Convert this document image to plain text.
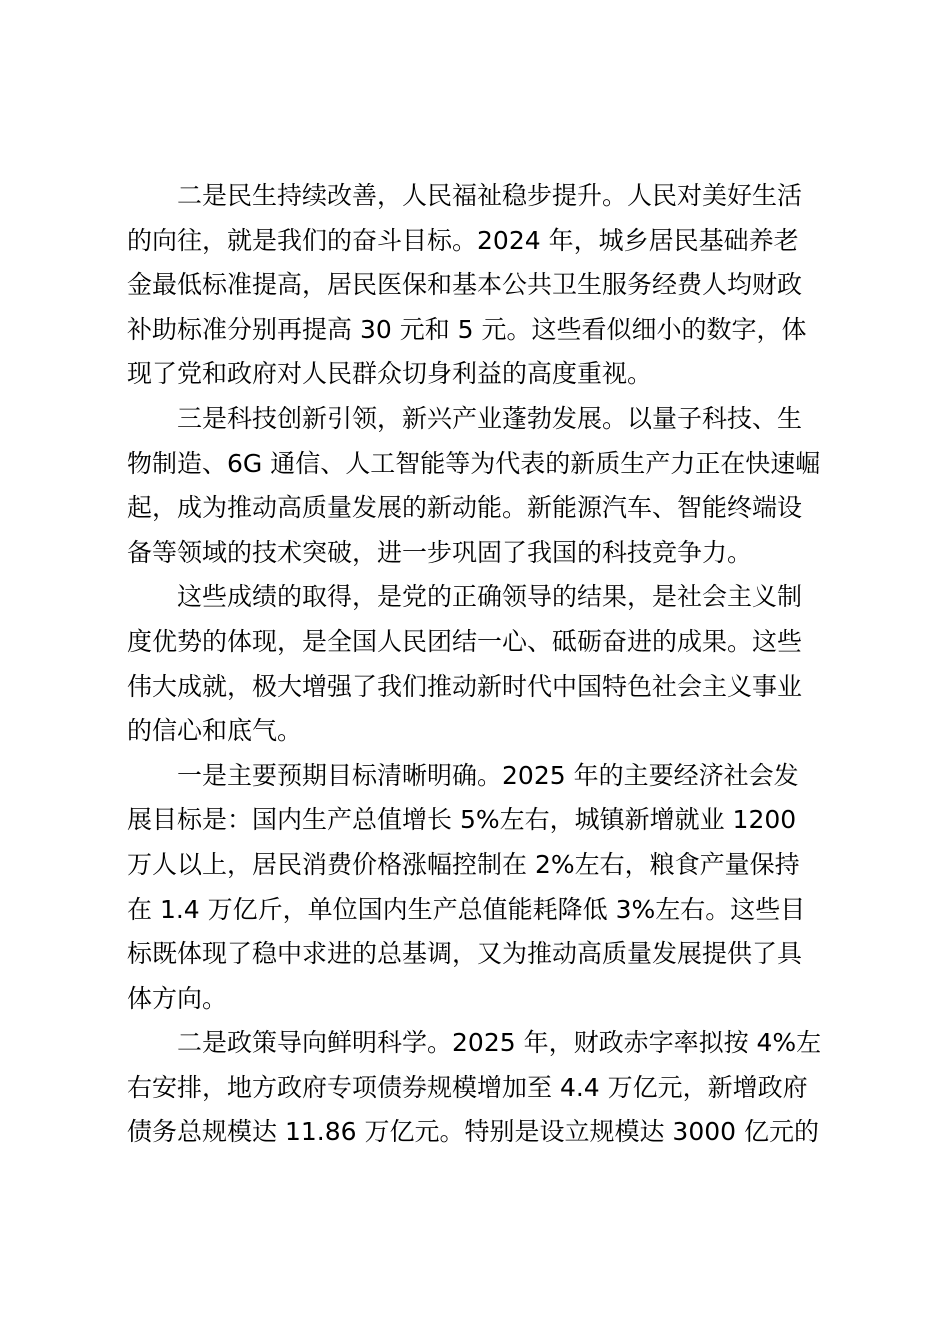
二是民生持续改善，人民福祉稳步提升。人民对美好生活
的向往，就是我们的奋斗目标。2024 年，城乡居民基础养老
金最低标准提高，居民医保和基本公共卫生服务经费人均财政
补助标准分别再提高 30 元和 5 元。这些看似细小的数字，体
现了党和政府对人民群众切身利益的高度重视。

三是科技创新引领，新兴产业蓬勃发展。以量子科技、生
物制造、6G 通信、人工智能等为代表的新质生产力正在快速崛
起，成为推动高质量发展的新动能。新能源汽车、智能终端设
备等领域的技术突破，进一步巩固了我国的科技竞争力。

这些成绩的取得，是党的正确领导的结果，是社会主义制
度优势的体现，是全国人民团结一心、砥砺奋进的成果。这些
伟大成就，极大增强了我们推动新时代中国特色社会主义事业
的信心和底气。

一是主要预期目标清晰明确。2025 年的主要经济社会发
展目标是：国内生产总值增长 5%左右，城镇新增就业 1200
万人以上，居民消费价格涨幅控制在 2%左右，粮食产量保持
在 1.4 万亿斤，单位国内生产总值能耗降低 3%左右。这些目
标既体现了稳中求进的总基调，又为推动高质量发展提供了具
体方向。

二是政策导向鲜明科学。2025 年，财政赤字率拟按 4%左
右安排，地方政府专项债券规模增加至 4.4 万亿元，新增政府
债务总规模达 11.86 万亿元。特别是设立规模达 3000 亿元的
